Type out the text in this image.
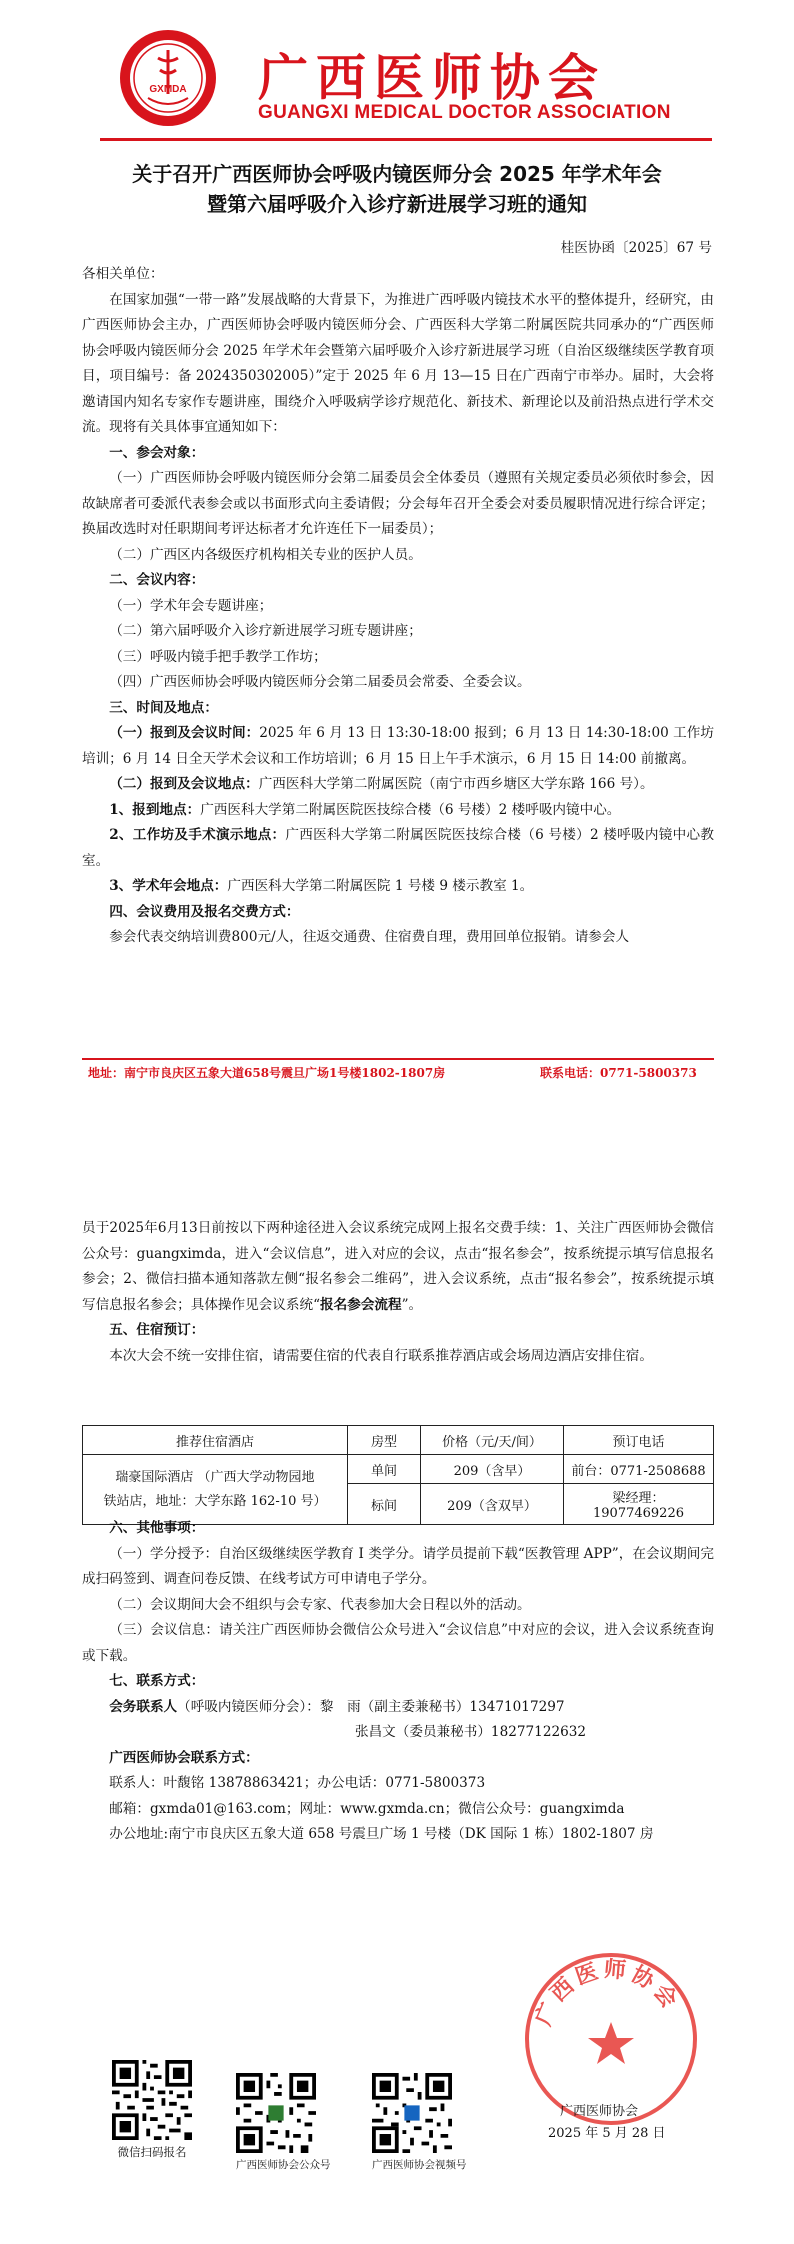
GXMDA 广西医师协会
GUANGXI MEDICAL DOCTOR ASSOCIATION
关于召开广西医师协会呼吸内镜医师分会 2025 年学术年会
暨第六届呼吸介入诊疗新进展学习班的通知
桂医协函〔2025〕67 号
各相关单位：
在国家加强“一带一路”发展战略的大背景下，为推进广西呼吸内镜技术水平的整体提升，经研究，由广西医师协会主办，广西医师协会呼吸内镜医师分会、广西医科大学第二附属医院共同承办的“广西医师协会呼吸内镜医师分会 2025 年学术年会暨第六届呼吸介入诊疗新进展学习班（自治区级继续医学教育项目，项目编号：备 2024350302005）”定于 2025 年 6 月 13—15 日在广西南宁市举办。届时，大会将邀请国内知名专家作专题讲座，围绕介入呼吸病学诊疗规范化、新技术、新理论以及前沿热点进行学术交流。现将有关具体事宜通知如下：
一、参会对象：
（一）广西医师协会呼吸内镜医师分会第二届委员会全体委员（遵照有关规定委员必须依时参会，因故缺席者可委派代表参会或以书面形式向主委请假；分会每年召开全委会对委员履职情况进行综合评定；换届改选时对任职期间考评达标者才允许连任下一届委员）；
（二）广西区内各级医疗机构相关专业的医护人员。
二、会议内容：
（一）学术年会专题讲座；
（二）第六届呼吸介入诊疗新进展学习班专题讲座；
（三）呼吸内镜手把手教学工作坊；
（四）广西医师协会呼吸内镜医师分会第二届委员会常委、全委会议。
三、时间及地点：
（一）报到及会议时间：2025 年 6 月 13 日 13:30-18:00 报到；6 月 13 日 14:30-18:00 工作坊培训；6 月 14 日全天学术会议和工作坊培训；6 月 15 日上午手术演示，6 月 15 日 14:00 前撤离。
（二）报到及会议地点：广西医科大学第二附属医院（南宁市西乡塘区大学东路 166 号）。
1、报到地点：广西医科大学第二附属医院医技综合楼（6 号楼）2 楼呼吸内镜中心。
2、工作坊及手术演示地点：广西医科大学第二附属医院医技综合楼（6 号楼）2 楼呼吸内镜中心教室。
3、学术年会地点：广西医科大学第二附属医院 1 号楼 9 楼示教室 1。
四、会议费用及报名交费方式：
参会代表交纳培训费800元/人，往返交通费、住宿费自理，费用回单位报销。请参会人
地址：南宁市良庆区五象大道658号震旦广场1号楼1802-1807房	联系电话：0771-5800373
员于2025年6月13日前按以下两种途径进入会议系统完成网上报名交费手续：1、关注广西医师协会微信公众号：guangximda，进入“会议信息”，进入对应的会议，点击“报名参会”，按系统提示填写信息报名参会；2、微信扫描本通知落款左侧“报名参会二维码”，进入会议系统，点击“报名参会”，按系统提示填写信息报名参会；具体操作见会议系统“报名参会流程”。
五、住宿预订：
本次大会不统一安排住宿，请需要住宿的代表自行联系推荐酒店或会场周边酒店安排住宿。
推荐住宿酒店	房型	价格（元/天/间）	预订电话

瑞豪国际酒店 （广西大学动物园地
铁站店，地址：大学东路 162-10 号）	单间	209（含早）	前台：0771-2508688
	标间	209（含双早）	梁经理：19077469226
六、其他事项：
（一）学分授予：自治区级继续医学教育 I 类学分。请学员提前下载“医教管理 APP”，在会议期间完成扫码签到、调查问卷反馈、在线考试方可申请电子学分。
（二）会议期间大会不组织与会专家、代表参加大会日程以外的活动。
（三）会议信息：请关注广西医师协会微信公众号进入“会议信息”中对应的会议，进入会议系统查询或下载。
七、联系方式：
会务联系人（呼吸内镜医师分会）：黎　雨（副主委兼秘书）13471017297
张昌文（委员兼秘书）18277122632
广西医师协会联系方式：
联系人：叶馥铭 13878863421；办公电话：0771-5800373
邮箱：gxmda01@163.com；网址：www.gxmda.cn；微信公众号：guangximda
办公地址:南宁市良庆区五象大道 658 号震旦广场 1 号楼（DK 国际 1 栋）1802-1807 房
微信扫码报名
广西医师协会公众号	广西医师协会视频号
广西医师协会
广西医师协会
2025 年 5 月 28 日
